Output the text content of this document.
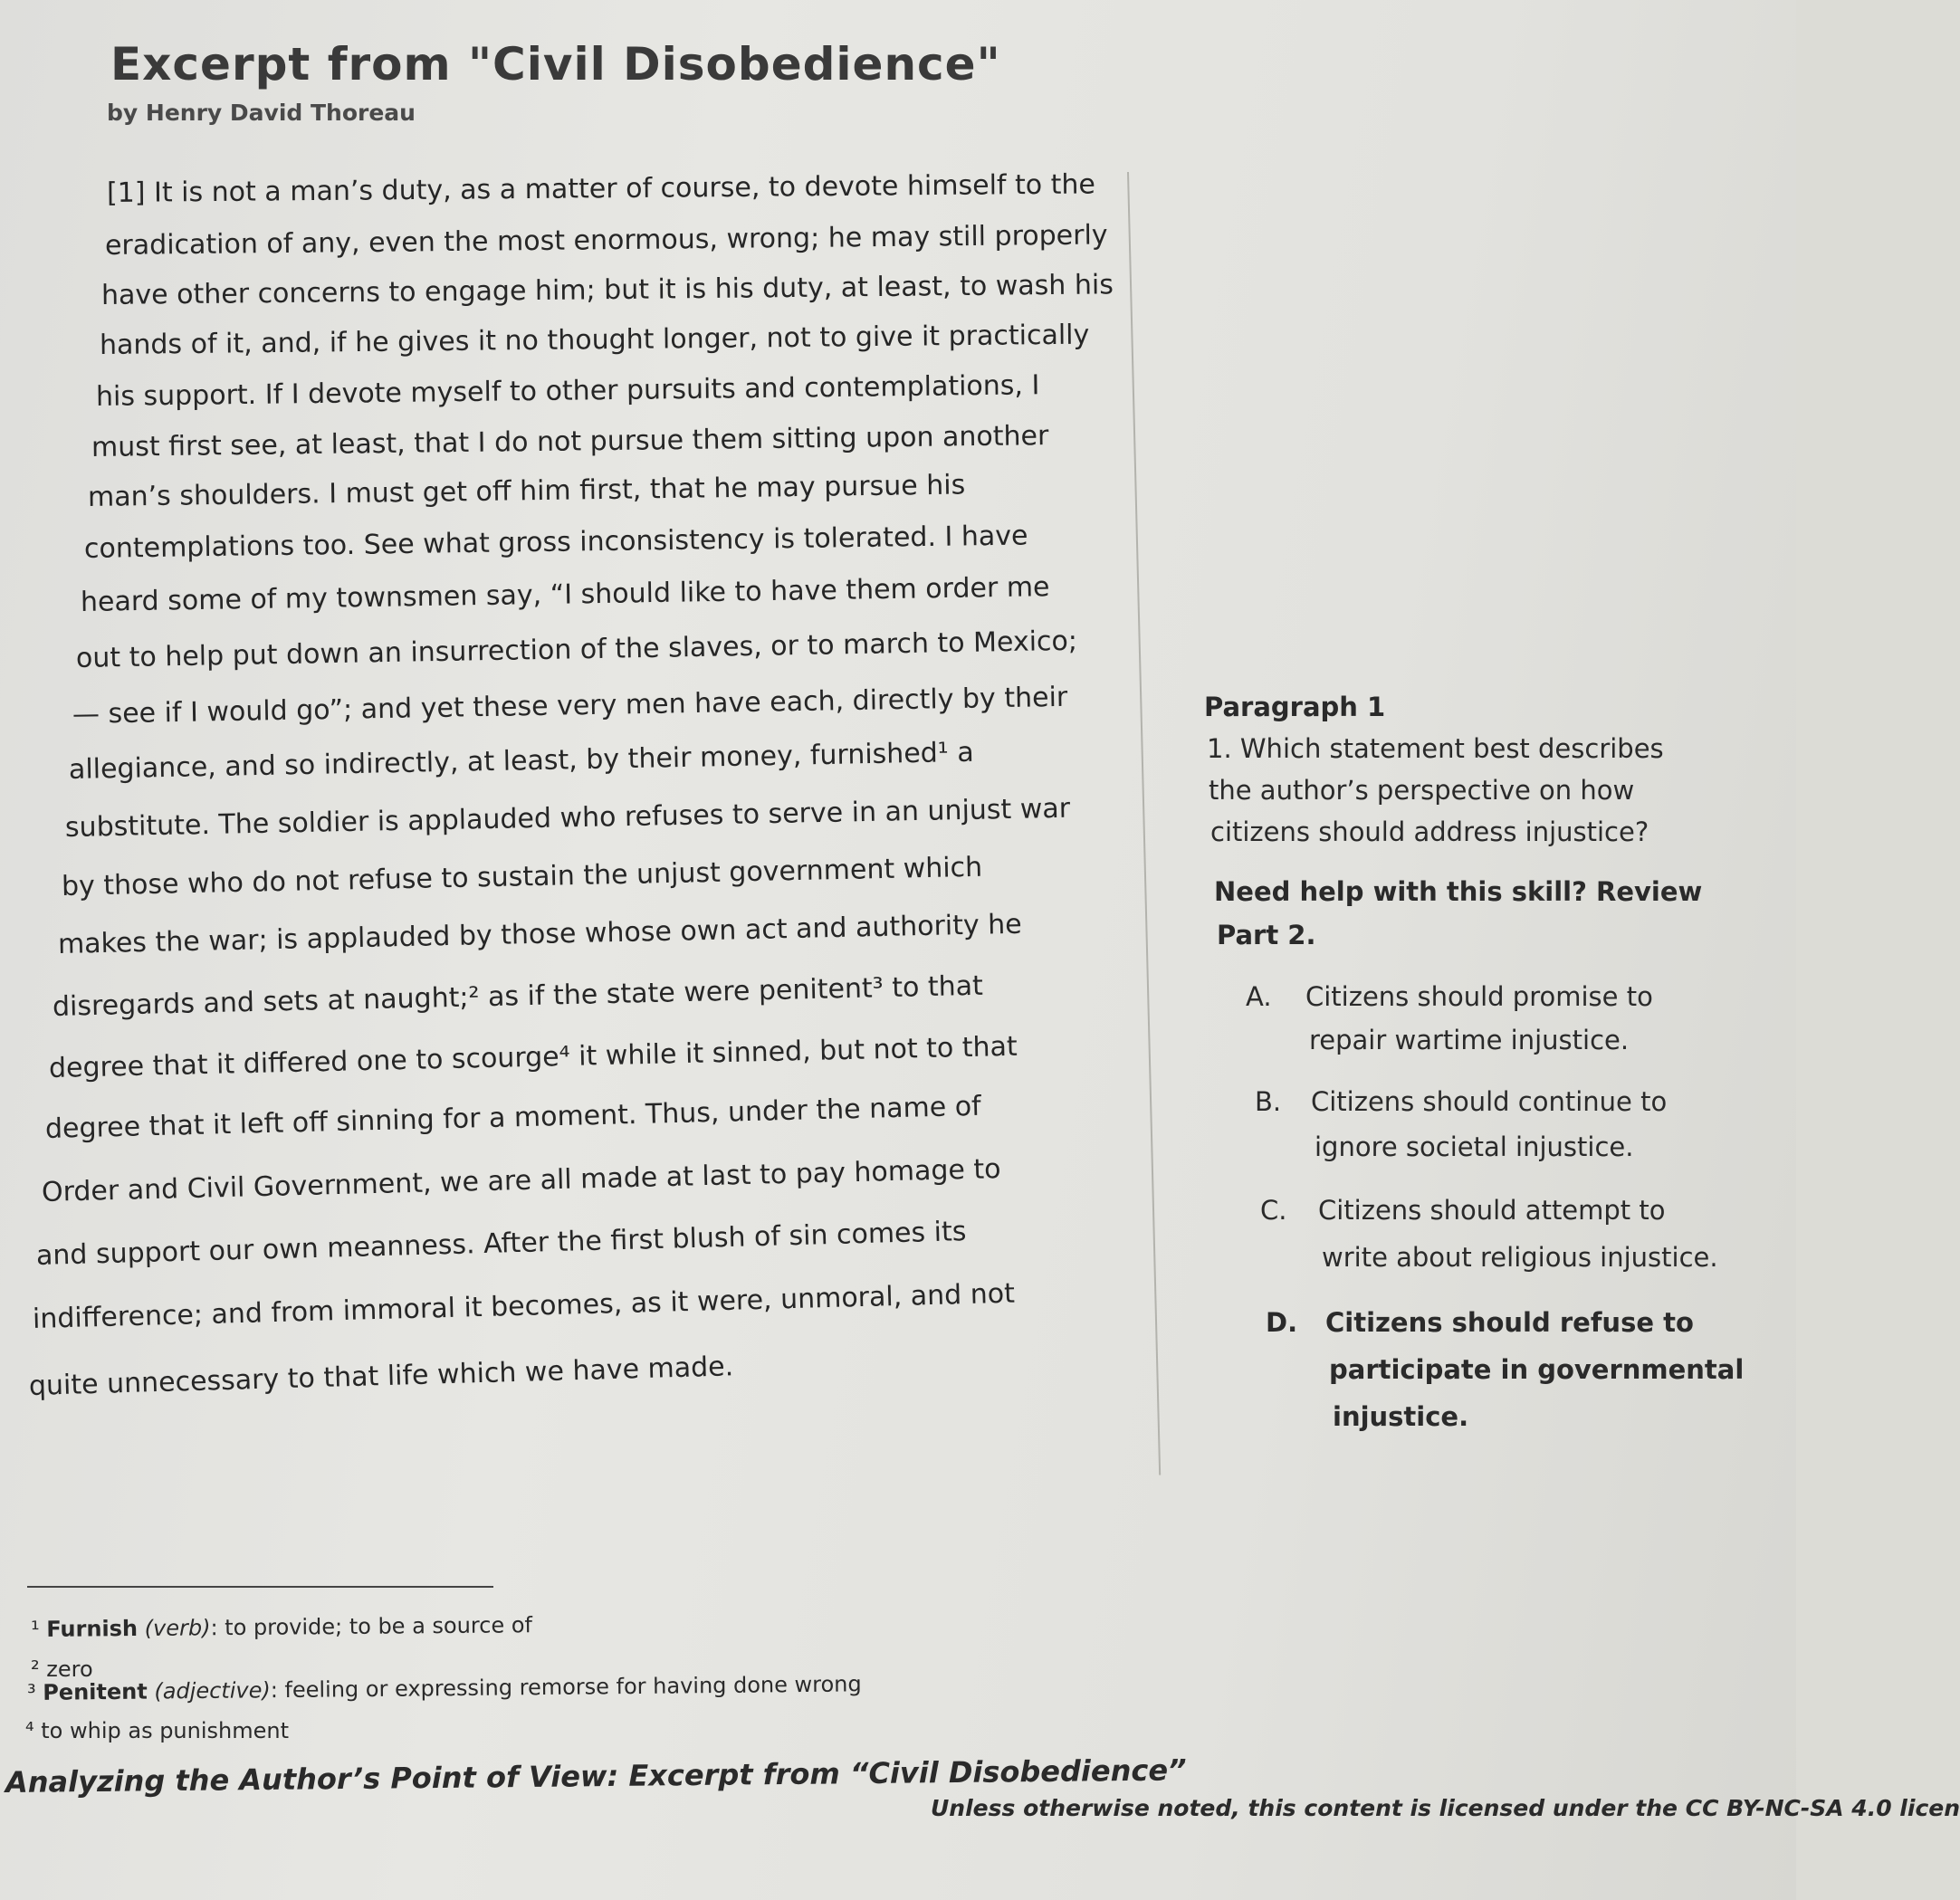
Excerpt from "Civil Disobedience"
by Henry David Thoreau
[1] It is not a man’s duty, as a matter of course, to devote himself to the
eradication of any, even the most enormous, wrong; he may still properly
have other concerns to engage him; but it is his duty, at least, to wash his
hands of it, and, if he gives it no thought longer, not to give it practically
his support. If I devote myself to other pursuits and contemplations, I
must first see, at least, that I do not pursue them sitting upon another
man’s shoulders. I must get off him first, that he may pursue his
contemplations too. See what gross inconsistency is tolerated. I have
heard some of my townsmen say, “I should like to have them order me
out to help put down an insurrection of the slaves, or to march to Mexico;
— see if I would go”; and yet these very men have each, directly by their
allegiance, and so indirectly, at least, by their money, furnished¹ a
substitute. The soldier is applauded who refuses to serve in an unjust war
by those who do not refuse to sustain the unjust government which
makes the war; is applauded by those whose own act and authority he
disregards and sets at naught;² as if the state were penitent³ to that
degree that it differed one to scourge⁴ it while it sinned, but not to that
degree that it left off sinning for a moment. Thus, under the name of
Order and Civil Government, we are all made at last to pay homage to
and support our own meanness. After the first blush of sin comes its
indifference; and from immoral it becomes, as it were, unmoral, and not
quite unnecessary to that life which we have made.
Paragraph 1
1. Which statement best describes
the author’s perspective on how
citizens should address injustice?
Need help with this skill? Review
Part 2.
A. Citizens should promise to
repair wartime injustice.
B. Citizens should continue to
ignore societal injustice.
C. Citizens should attempt to
write about religious injustice.
D. Citizens should refuse to
participate in governmental
injustice.
¹ Furnish (verb): to provide; to be a source of
² zero
³ Penitent (adjective): feeling or expressing remorse for having done wrong
⁴ to whip as punishment
Analyzing the Author’s Point of View: Excerpt from “Civil Disobedience”
Unless otherwise noted, this content is licensed under the CC BY-NC-SA 4.0 licen
